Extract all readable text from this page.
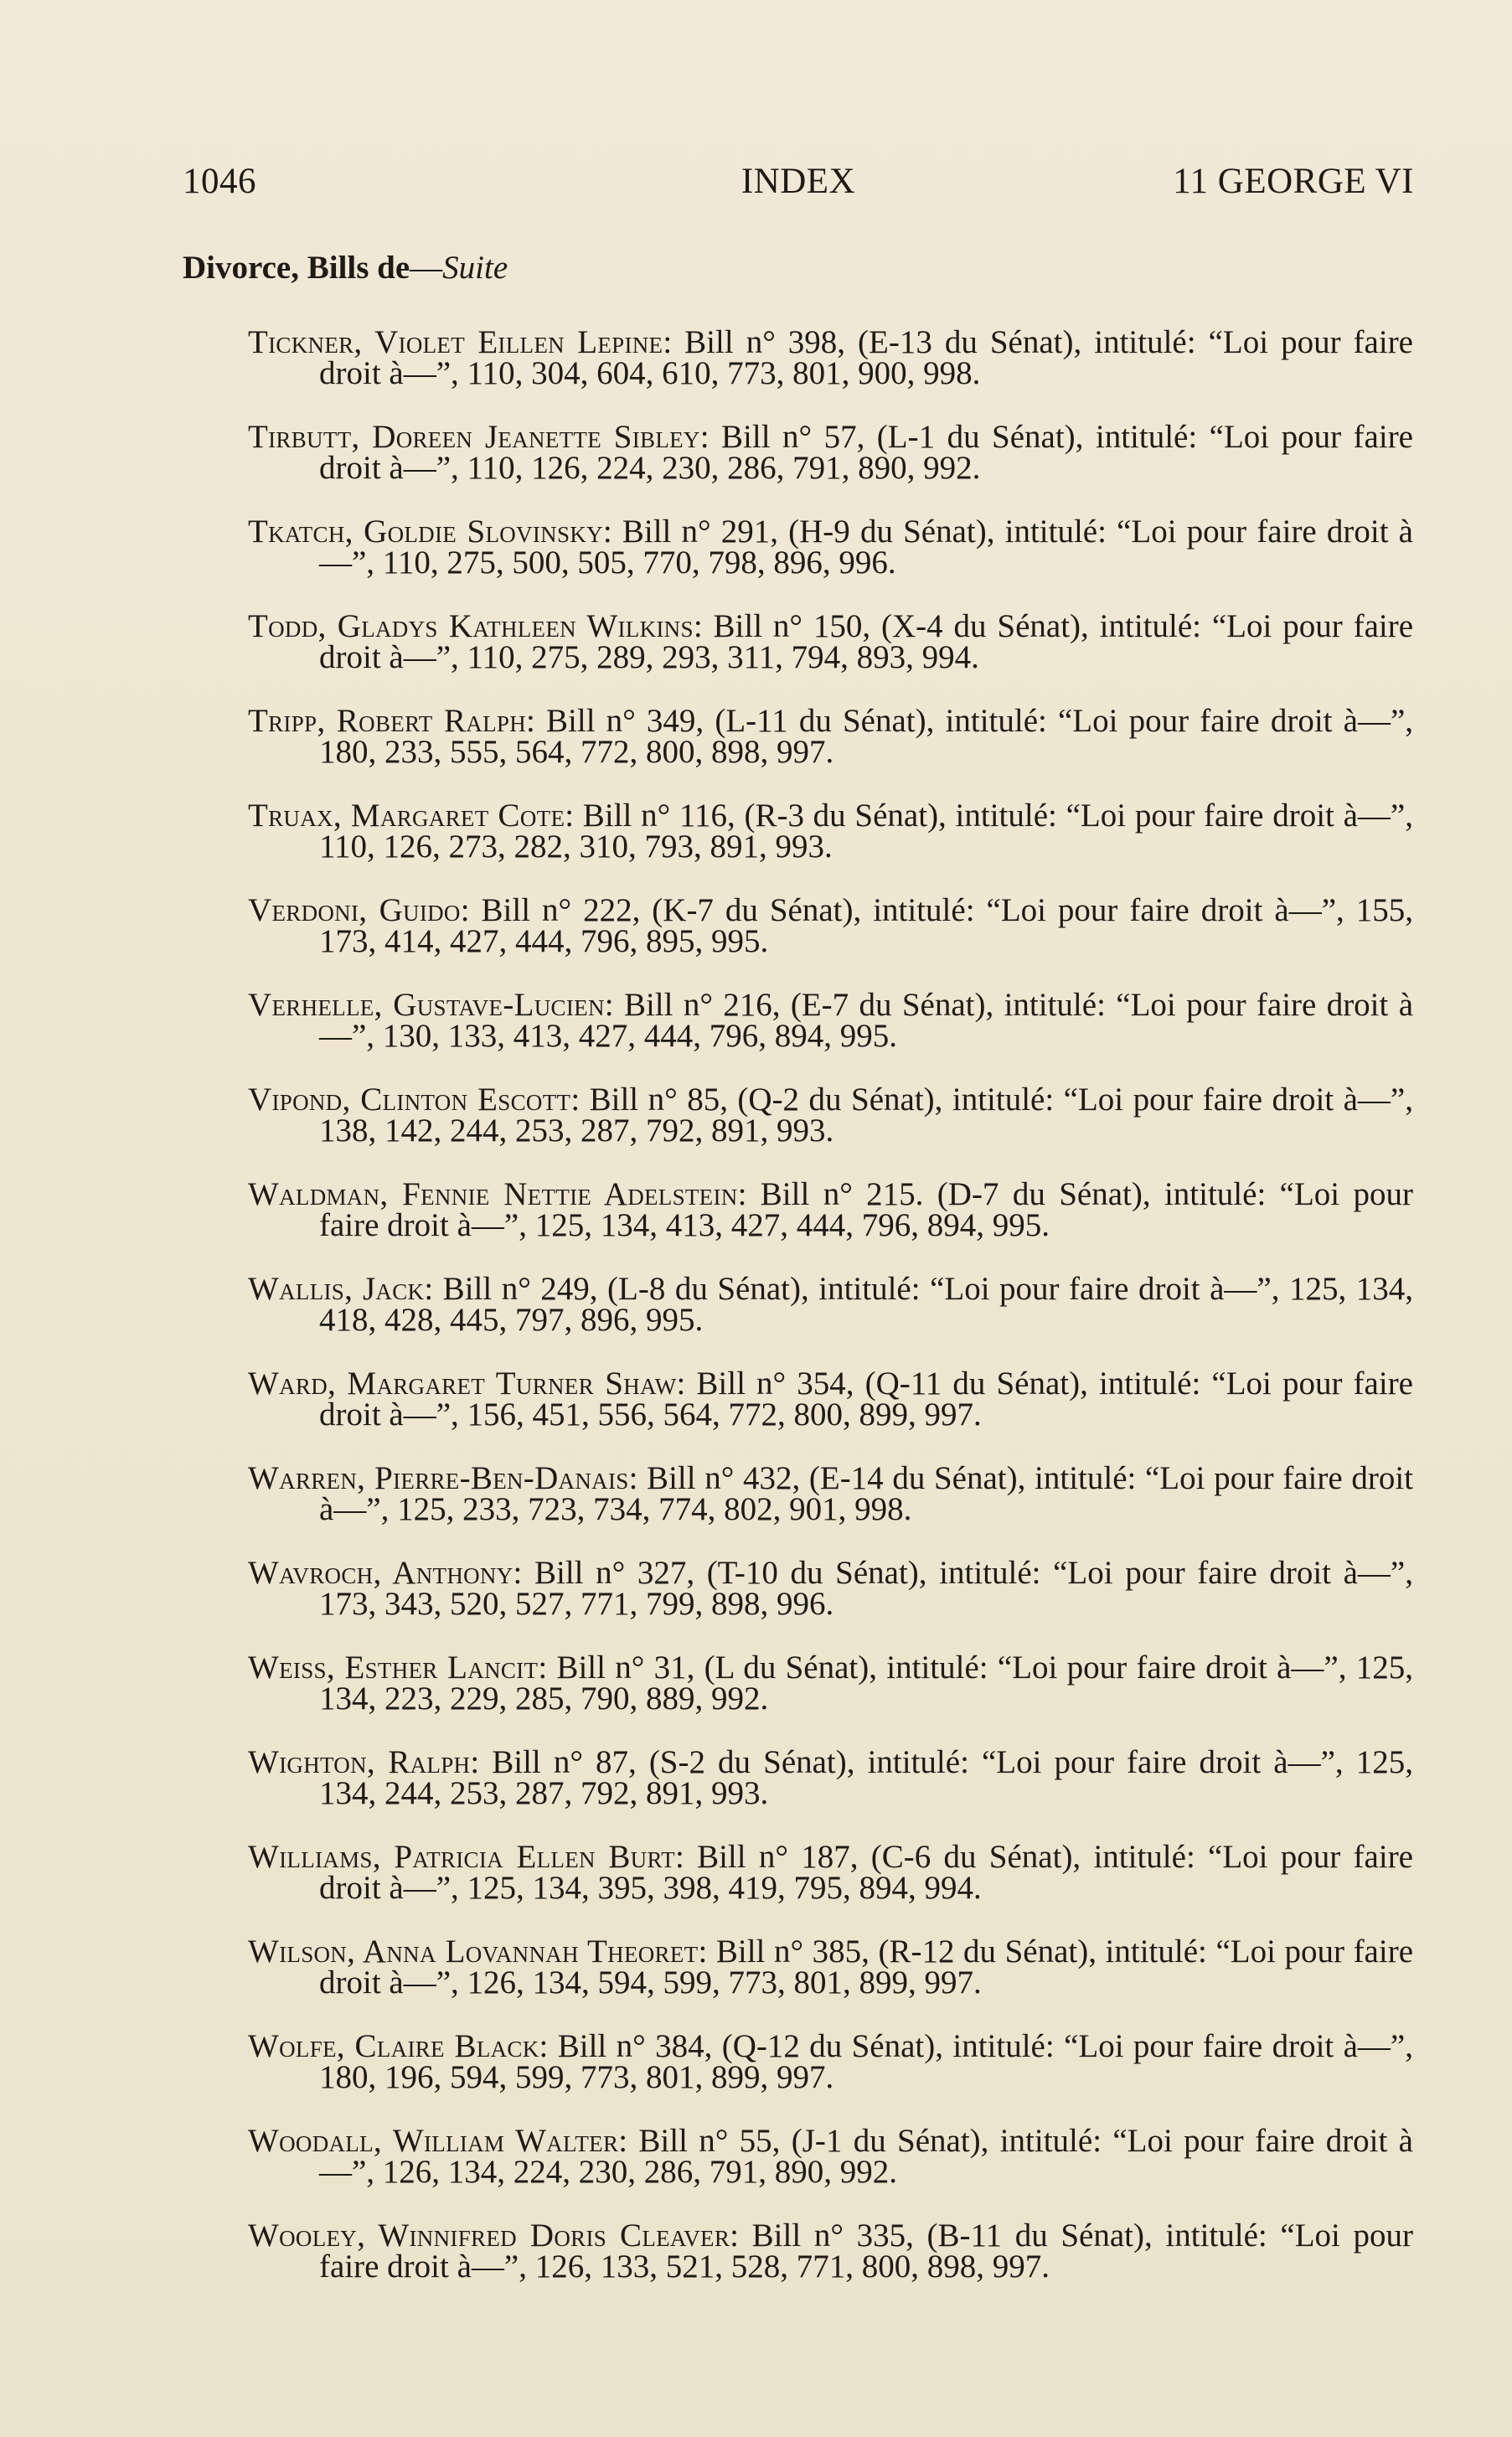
1046	INDEX	11 GEORGE VI
Divorce, Bills de—Suite

Tickner, Violet Eillen Lepine: Bill n° 398, (E-13 du Sénat), intitulé: “Loi pour faire droit à—”, 110, 304, 604, 610, 773, 801, 900, 998.

Tirbutt, Doreen Jeanette Sibley: Bill n° 57, (L-1 du Sénat), intitulé: “Loi pour faire droit à—”, 110, 126, 224, 230, 286, 791, 890, 992.

Tkatch, Goldie Slovinsky: Bill n° 291, (H-9 du Sénat), intitulé: “Loi pour faire droit à—”, 110, 275, 500, 505, 770, 798, 896, 996.

Todd, Gladys Kathleen Wilkins: Bill n° 150, (X-4 du Sénat), intitulé: “Loi pour faire droit à—”, 110, 275, 289, 293, 311, 794, 893, 994.

Tripp, Robert Ralph: Bill n° 349, (L-11 du Sénat), intitulé: “Loi pour faire droit à—”, 180, 233, 555, 564, 772, 800, 898, 997.

Truax, Margaret Cote: Bill n° 116, (R-3 du Sénat), intitulé: “Loi pour faire droit à—”, 110, 126, 273, 282, 310, 793, 891, 993.

Verdoni, Guido: Bill n° 222, (K-7 du Sénat), intitulé: “Loi pour faire droit à—”, 155, 173, 414, 427, 444, 796, 895, 995.

Verhelle, Gustave-Lucien: Bill n° 216, (E-7 du Sénat), intitulé: “Loi pour faire droit à—”, 130, 133, 413, 427, 444, 796, 894, 995.

Vipond, Clinton Escott: Bill n° 85, (Q-2 du Sénat), intitulé: “Loi pour faire droit à—”, 138, 142, 244, 253, 287, 792, 891, 993.

Waldman, Fennie Nettie Adelstein: Bill n° 215. (D-7 du Sénat), intitulé: “Loi pour faire droit à—”, 125, 134, 413, 427, 444, 796, 894, 995.

Wallis, Jack: Bill n° 249, (L-8 du Sénat), intitulé: “Loi pour faire droit à—”, 125, 134, 418, 428, 445, 797, 896, 995.

Ward, Margaret Turner Shaw: Bill n° 354, (Q-11 du Sénat), intitulé: “Loi pour faire droit à—”, 156, 451, 556, 564, 772, 800, 899, 997.

Warren, Pierre-Ben-Danais: Bill n° 432, (E-14 du Sénat), intitulé: “Loi pour faire droit à—”, 125, 233, 723, 734, 774, 802, 901, 998.

Wavroch, Anthony: Bill n° 327, (T-10 du Sénat), intitulé: “Loi pour faire droit à—”, 173, 343, 520, 527, 771, 799, 898, 996.

Weiss, Esther Lancit: Bill n° 31, (L du Sénat), intitulé: “Loi pour faire droit à—”, 125, 134, 223, 229, 285, 790, 889, 992.

Wighton, Ralph: Bill n° 87, (S-2 du Sénat), intitulé: “Loi pour faire droit à—”, 125, 134, 244, 253, 287, 792, 891, 993.

Williams, Patricia Ellen Burt: Bill n° 187, (C-6 du Sénat), intitulé: “Loi pour faire droit à—”, 125, 134, 395, 398, 419, 795, 894, 994.

Wilson, Anna Lovannah Theoret: Bill n° 385, (R-12 du Sénat), intitulé: “Loi pour faire droit à—”, 126, 134, 594, 599, 773, 801, 899, 997.

Wolfe, Claire Black: Bill n° 384, (Q-12 du Sénat), intitulé: “Loi pour faire droit à—”, 180, 196, 594, 599, 773, 801, 899, 997.

Woodall, William Walter: Bill n° 55, (J-1 du Sénat), intitulé: “Loi pour faire droit à—”, 126, 134, 224, 230, 286, 791, 890, 992.

Wooley, Winnifred Doris Cleaver: Bill n° 335, (B-11 du Sénat), intitulé: “Loi pour faire droit à—”, 126, 133, 521, 528, 771, 800, 898, 997.
